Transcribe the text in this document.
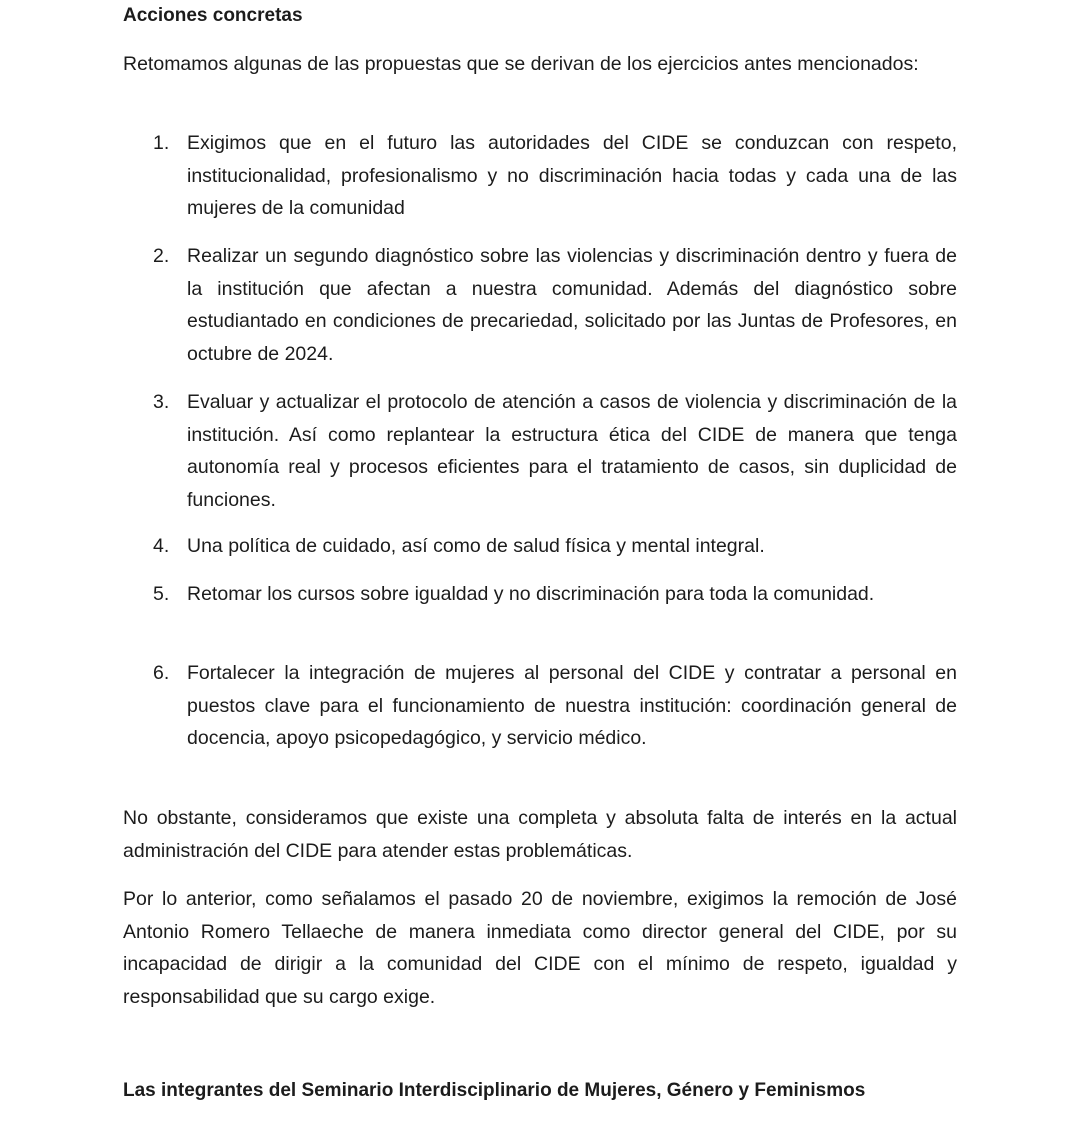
Acciones concretas

Retomamos algunas de las propuestas que se derivan de los ejercicios antes mencionados:

1. Exigimos que en el futuro las autoridades del CIDE se conduzcan con respeto, institucionalidad, profesionalismo y no discriminación hacia todas y cada una de las mujeres de la comunidad

2. Realizar un segundo diagnóstico sobre las violencias y discriminación dentro y fuera de la institución que afectan a nuestra comunidad. Además del diagnóstico sobre estudiantado en condiciones de precariedad, solicitado por las Juntas de Profesores, en octubre de 2024.

3. Evaluar y actualizar el protocolo de atención a casos de violencia y discriminación de la institución. Así como replantear la estructura ética del CIDE de manera que tenga autonomía real y procesos eficientes para el tratamiento de casos, sin duplicidad de funciones.

4. Una política de cuidado, así como de salud física y mental integral.

5. Retomar los cursos sobre igualdad y no discriminación para toda la comunidad.

6. Fortalecer la integración de mujeres al personal del CIDE y contratar a personal en puestos clave para el funcionamiento de nuestra institución: coordinación general de docencia, apoyo psicopedagógico, y servicio médico.

No obstante, consideramos que existe una completa y absoluta falta de interés en la actual administración del CIDE para atender estas problemáticas.

Por lo anterior, como señalamos el pasado 20 de noviembre, exigimos la remoción de José Antonio Romero Tellaeche de manera inmediata como director general del CIDE, por su incapacidad de dirigir a la comunidad del CIDE con el mínimo de respeto, igualdad y responsabilidad que su cargo exige.

Las integrantes del Seminario Interdisciplinario de Mujeres, Género y Feminismos
